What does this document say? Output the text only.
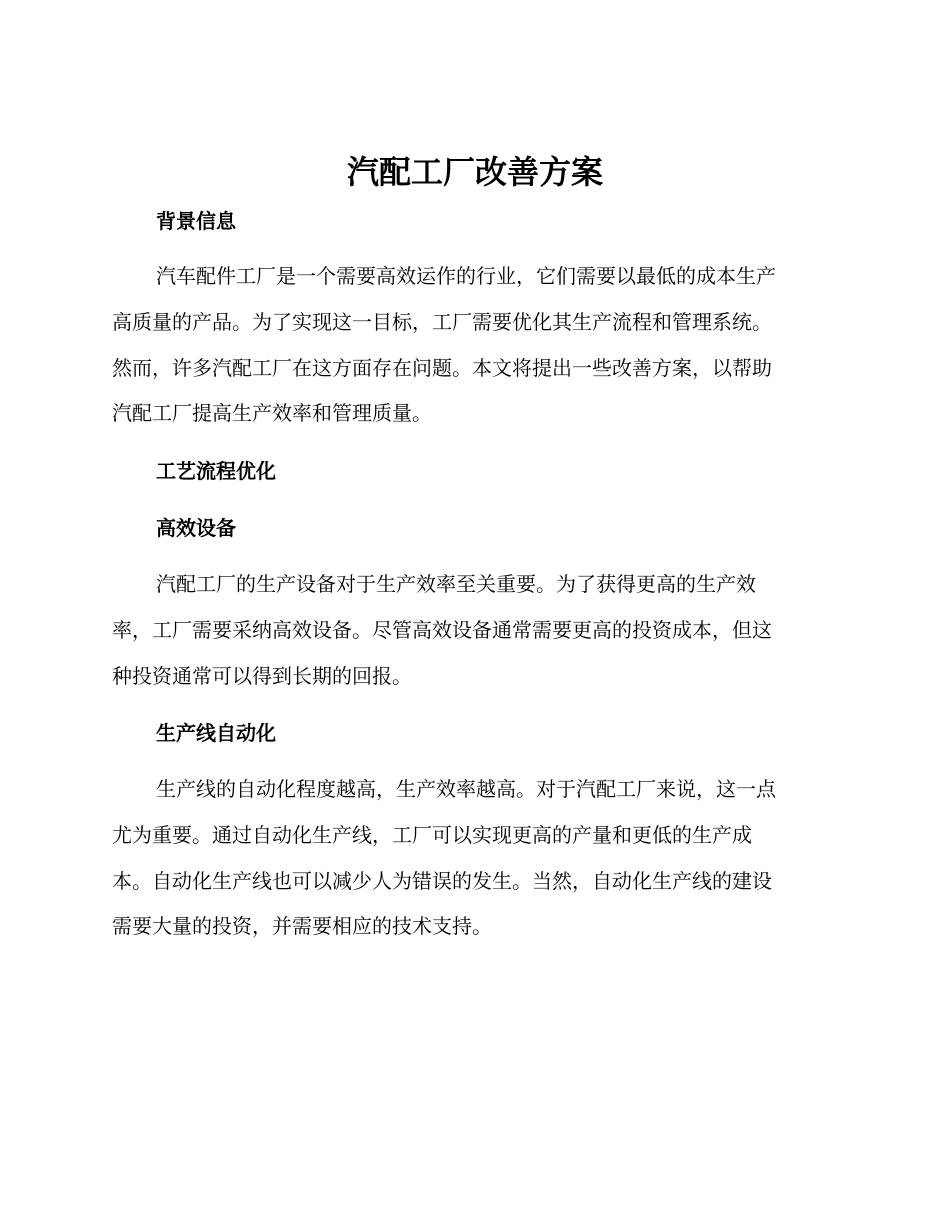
汽配工厂改善方案
背景信息

汽车配件工厂是一个需要高效运作的行业，它们需要以最低的成本生产
高质量的产品。为了实现这一目标，工厂需要优化其生产流程和管理系统。
然而，许多汽配工厂在这方面存在问题。本文将提出一些改善方案，以帮助
汽配工厂提高生产效率和管理质量。

工艺流程优化
高效设备

汽配工厂的生产设备对于生产效率至关重要。为了获得更高的生产效
率，工厂需要采纳高效设备。尽管高效设备通常需要更高的投资成本，但这
种投资通常可以得到长期的回报。

生产线自动化

生产线的自动化程度越高，生产效率越高。对于汽配工厂来说，这一点
尤为重要。通过自动化生产线，工厂可以实现更高的产量和更低的生产成
本。自动化生产线也可以减少人为错误的发生。当然，自动化生产线的建设
需要大量的投资，并需要相应的技术支持。
